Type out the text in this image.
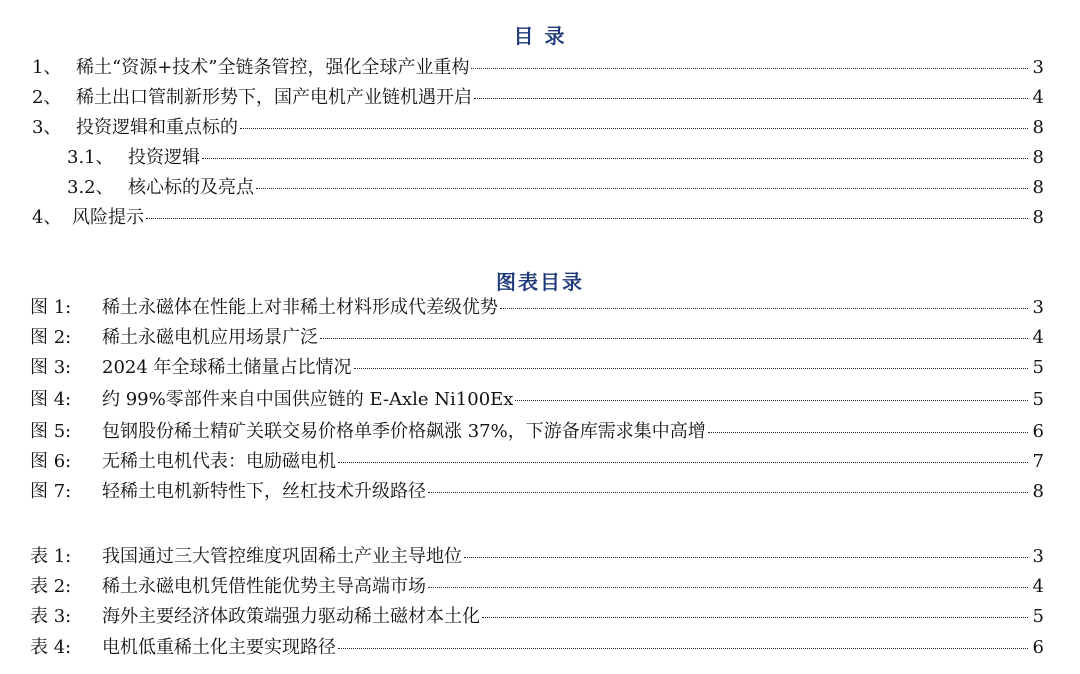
目 录
1、 稀土“资源+技术”全链条管控，强化全球产业重构	3
2、 稀土出口管制新形势下，国产电机产业链机遇开启	4
3、 投资逻辑和重点标的	8
3.1、 投资逻辑	8
3.2、 核心标的及亮点	8
4、 风险提示	8
图表目录
图 1:	稀土永磁体在性能上对非稀土材料形成代差级优势	3
图 2:	稀土永磁电机应用场景广泛	4
图 3:	2024 年全球稀土储量占比情况	5
图 4:	约 99%零部件来自中国供应链的 E-Axle Ni100Ex	5
图 5:	包钢股份稀土精矿关联交易价格单季价格飙涨 37%，下游备库需求集中高增	6
图 6:	无稀土电机代表：电励磁电机	7
图 7:	轻稀土电机新特性下，丝杠技术升级路径	8
表 1:	我国通过三大管控维度巩固稀土产业主导地位	3
表 2:	稀土永磁电机凭借性能优势主导高端市场	4
表 3:	海外主要经济体政策端强力驱动稀土磁材本土化	5
表 4:	电机低重稀土化主要实现路径	6
